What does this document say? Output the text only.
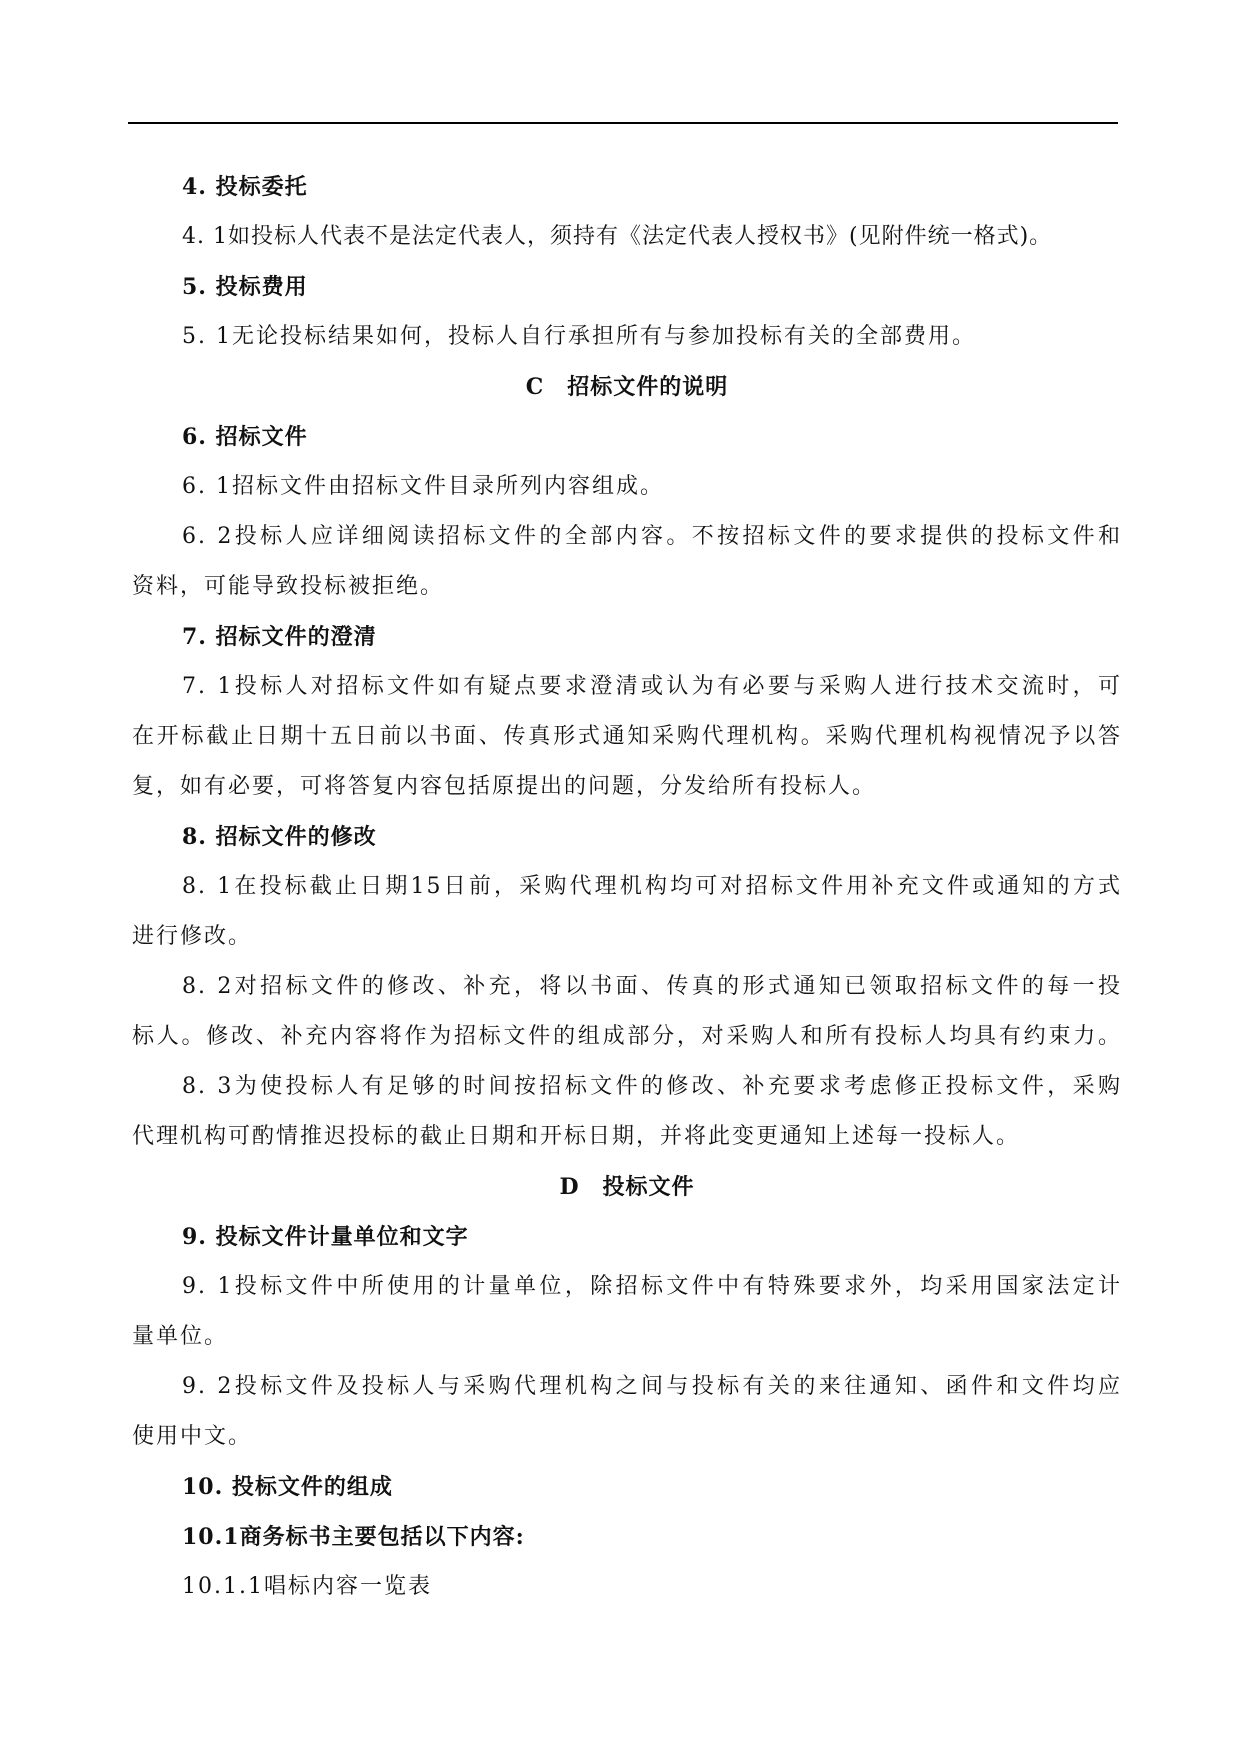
4. 投标委托
4. 1如投标人代表不是法定代表人，须持有《法定代表人授权书》(见附件统一格式)。
5. 投标费用
5. 1无论投标结果如何，投标人自行承担所有与参加投标有关的全部费用。
C　招标文件的说明
6. 招标文件
6. 1招标文件由招标文件目录所列内容组成。
6. 2投标人应详细阅读招标文件的全部内容。不按招标文件的要求提供的投标文件和
资料，可能导致投标被拒绝。
7. 招标文件的澄清
7. 1投标人对招标文件如有疑点要求澄清或认为有必要与采购人进行技术交流时，可
在开标截止日期十五日前以书面、传真形式通知采购代理机构。采购代理机构视情况予以答
复，如有必要，可将答复内容包括原提出的问题，分发给所有投标人。
8. 招标文件的修改
8. 1在投标截止日期15日前，采购代理机构均可对招标文件用补充文件或通知的方式
进行修改。
8. 2对招标文件的修改、补充，将以书面、传真的形式通知已领取招标文件的每一投
标人。修改、补充内容将作为招标文件的组成部分，对采购人和所有投标人均具有约束力。
8. 3为使投标人有足够的时间按招标文件的修改、补充要求考虑修正投标文件，采购
代理机构可酌情推迟投标的截止日期和开标日期，并将此变更通知上述每一投标人。
D　投标文件
9. 投标文件计量单位和文字
9. 1投标文件中所使用的计量单位，除招标文件中有特殊要求外，均采用国家法定计
量单位。
9. 2投标文件及投标人与采购代理机构之间与投标有关的来往通知、函件和文件均应
使用中文。
10. 投标文件的组成
10.1商务标书主要包括以下内容:
10.1.1唱标内容一览表
